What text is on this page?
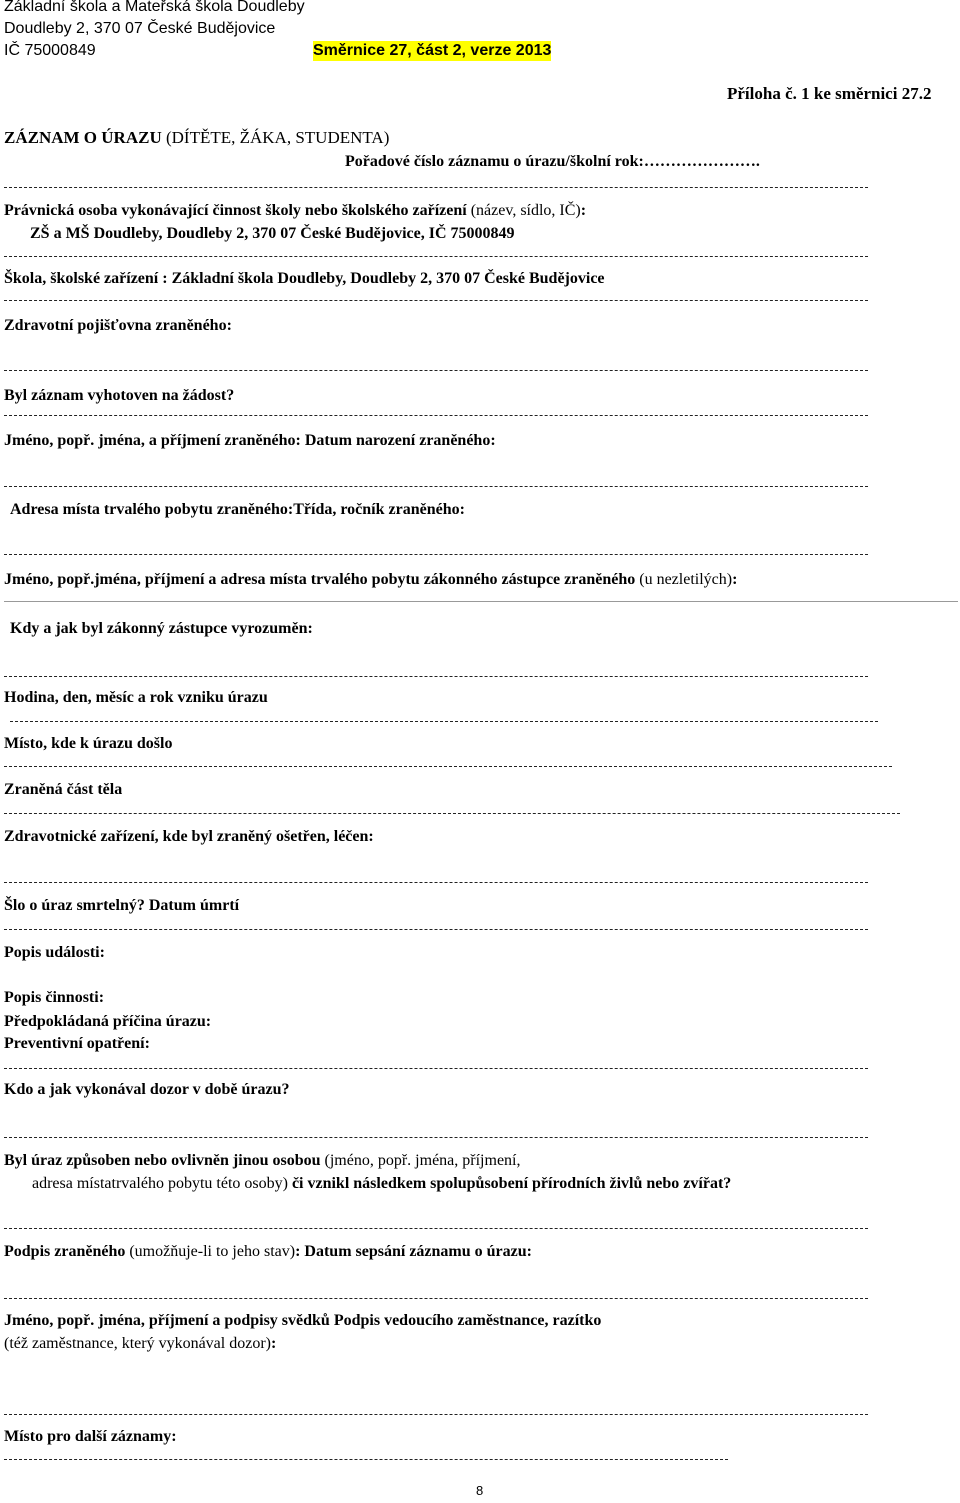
Základní škola a Mateřská škola Doudleby
Doudleby 2, 370 07 České Budějovice
IČ 75000849	Směrnice 27, část 2, verze 2013
Příloha č. 1 ke směrnici 27.2
ZÁZNAM O ÚRAZU (DÍTĚTE, ŽÁKA, STUDENTA)
Pořadové číslo záznamu o úrazu/školní rok:………………….
Právnická osoba vykonávající činnost školy nebo školského zařízení (název, sídlo, IČ):
ZŠ a MŠ Doudleby, Doudleby 2, 370 07 České Budějovice, IČ 75000849
Škola, školské zařízení : Základní škola Doudleby, Doudleby 2, 370 07 České Budějovice
Zdravotní pojišťovna zraněného:
Byl záznam vyhotoven na žádost?
Jméno, popř. jména, a příjmení zraněného: Datum narození zraněného:
Adresa místa trvalého pobytu zraněného:Třída, ročník zraněného:
Jméno, popř.jména, příjmení a adresa místa trvalého pobytu zákonného zástupce zraněného (u nezletilých):
Kdy a jak byl zákonný zástupce vyrozuměn:
Hodina, den, měsíc a rok vzniku úrazu
Místo, kde k úrazu došlo
Zraněná část těla
Zdravotnické zařízení, kde byl zraněný ošetřen, léčen:
Šlo o úraz smrtelný? Datum úmrtí
Popis události:
Popis činnosti:
Předpokládaná příčina úrazu:
Preventivní opatření:
Kdo a jak vykonával dozor v době úrazu?
Byl úraz způsoben nebo ovlivněn jinou osobou (jméno, popř. jména, příjmení,
adresa místatrvalého pobytu této osoby) či vznikl následkem spolupůsobení přírodních živlů nebo zvířat?
Podpis zraněného (umožňuje-li to jeho stav): Datum sepsání záznamu o úrazu:
Jméno, popř. jména, příjmení a podpisy svědků Podpis vedoucího zaměstnance, razítko
(též zaměstnance, který vykonával dozor):
Místo pro další záznamy:
8
